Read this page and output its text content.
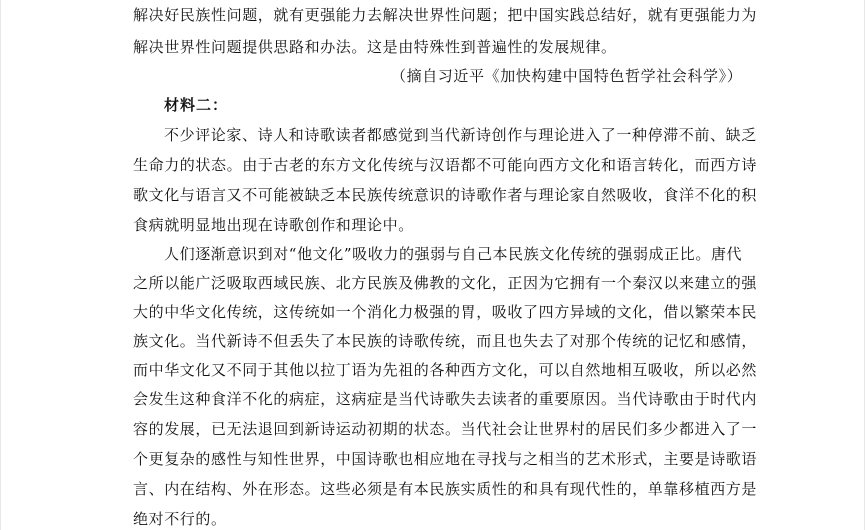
解决好民族性问题，就有更强能力去解决世界性问题；把中国实践总结好，就有更强能力为
解决世界性问题提供思路和办法。这是由特殊性到普遍性的发展规律。
（摘自习近平《加快构建中国特色哲学社会科学》）
材料二：
不少评论家、诗人和诗歌读者都感觉到当代新诗创作与理论进入了一种停滞不前、缺乏
生命力的状态。由于古老的东方文化传统与汉语都不可能向西方文化和语言转化，而西方诗
歌文化与语言又不可能被缺乏本民族传统意识的诗歌作者与理论家自然吸收，食洋不化的积
食病就明显地出现在诗歌创作和理论中。
人们逐渐意识到对“他文化”吸收力的强弱与自己本民族文化传统的强弱成正比。唐代
之所以能广泛吸取西域民族、北方民族及佛教的文化，正因为它拥有一个秦汉以来建立的强
大的中华文化传统，这传统如一个消化力极强的胃，吸收了四方异域的文化，借以繁荣本民
族文化。当代新诗不但丢失了本民族的诗歌传统，而且也失去了对那个传统的记忆和感情，
而中华文化又不同于其他以拉丁语为先祖的各种西方文化，可以自然地相互吸收，所以必然
会发生这种食洋不化的病症，这病症是当代诗歌失去读者的重要原因。当代诗歌由于时代内
容的发展，已无法退回到新诗运动初期的状态。当代社会让世界村的居民们多少都进入了一
个更复杂的感性与知性世界，中国诗歌也相应地在寻找与之相当的艺术形式，主要是诗歌语
言、内在结构、外在形态。这些必须是有本民族实质性的和具有现代性的，单靠移植西方是
绝对不行的。
